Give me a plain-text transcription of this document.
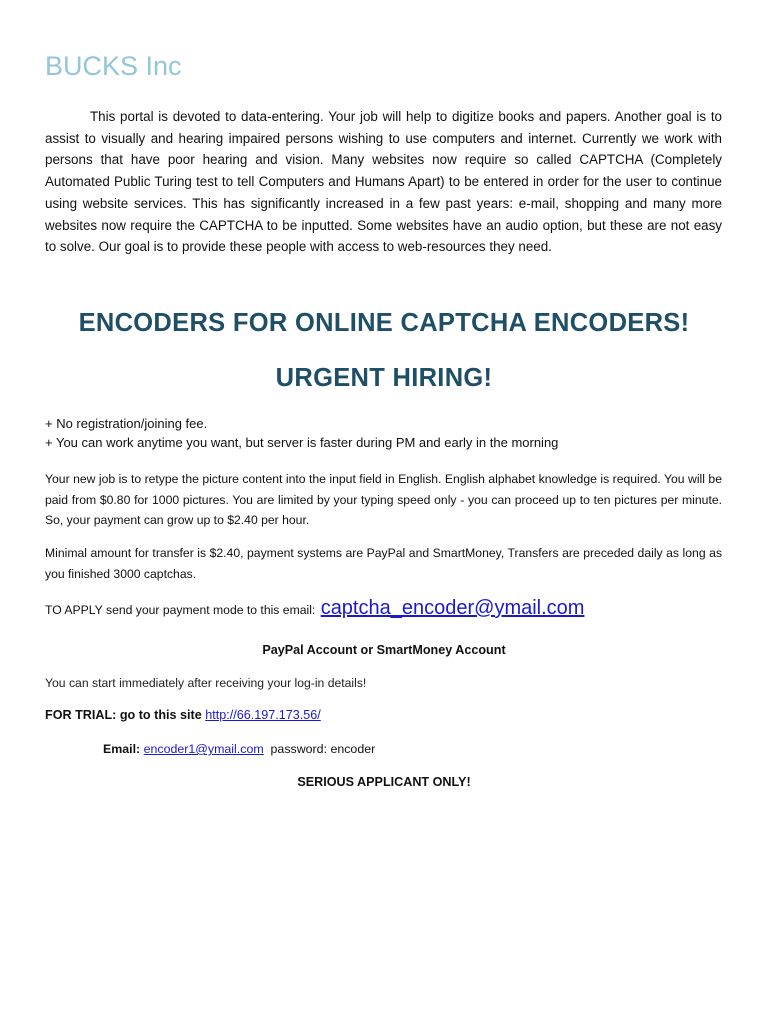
BUCKS Inc

This portal is devoted to data-entering. Your job will help to digitize books and papers. Another goal is to assist to visually and hearing impaired persons wishing to use computers and internet. Currently we work with persons that have poor hearing and vision. Many websites now require so called CAPTCHA (Completely Automated Public Turing test to tell Computers and Humans Apart) to be entered in order for the user to continue using website services. This has significantly increased in a few past years: e-mail, shopping and many more websites now require the CAPTCHA to be inputted. Some websites have an audio option, but these are not easy to solve. Our goal is to provide these people with access to web-resources they need.

ENCODERS FOR ONLINE CAPTCHA ENCODERS!
URGENT HIRING!
+ No registration/joining fee.
+ You can work anytime you want, but server is faster during PM and early in the morning

Your new job is to retype the picture content into the input field in English. English alphabet knowledge is required. You will be paid from $0.80 for 1000 pictures. You are limited by your typing speed only - you can proceed up to ten pictures per minute. So, your payment can grow up to $2.40 per hour.

Minimal amount for transfer is $2.40, payment systems are PayPal and SmartMoney, Transfers are preceded daily as long as you finished 3000 captchas.

TO APPLY send your payment mode to this email: captcha_encoder@ymail.com

PayPal Account or SmartMoney Account

You can start immediately after receiving your log-in details!

FOR TRIAL: go to this site http://66.197.173.56/

Email: encoder1@ymail.com  password: encoder

SERIOUS APPLICANT ONLY!
